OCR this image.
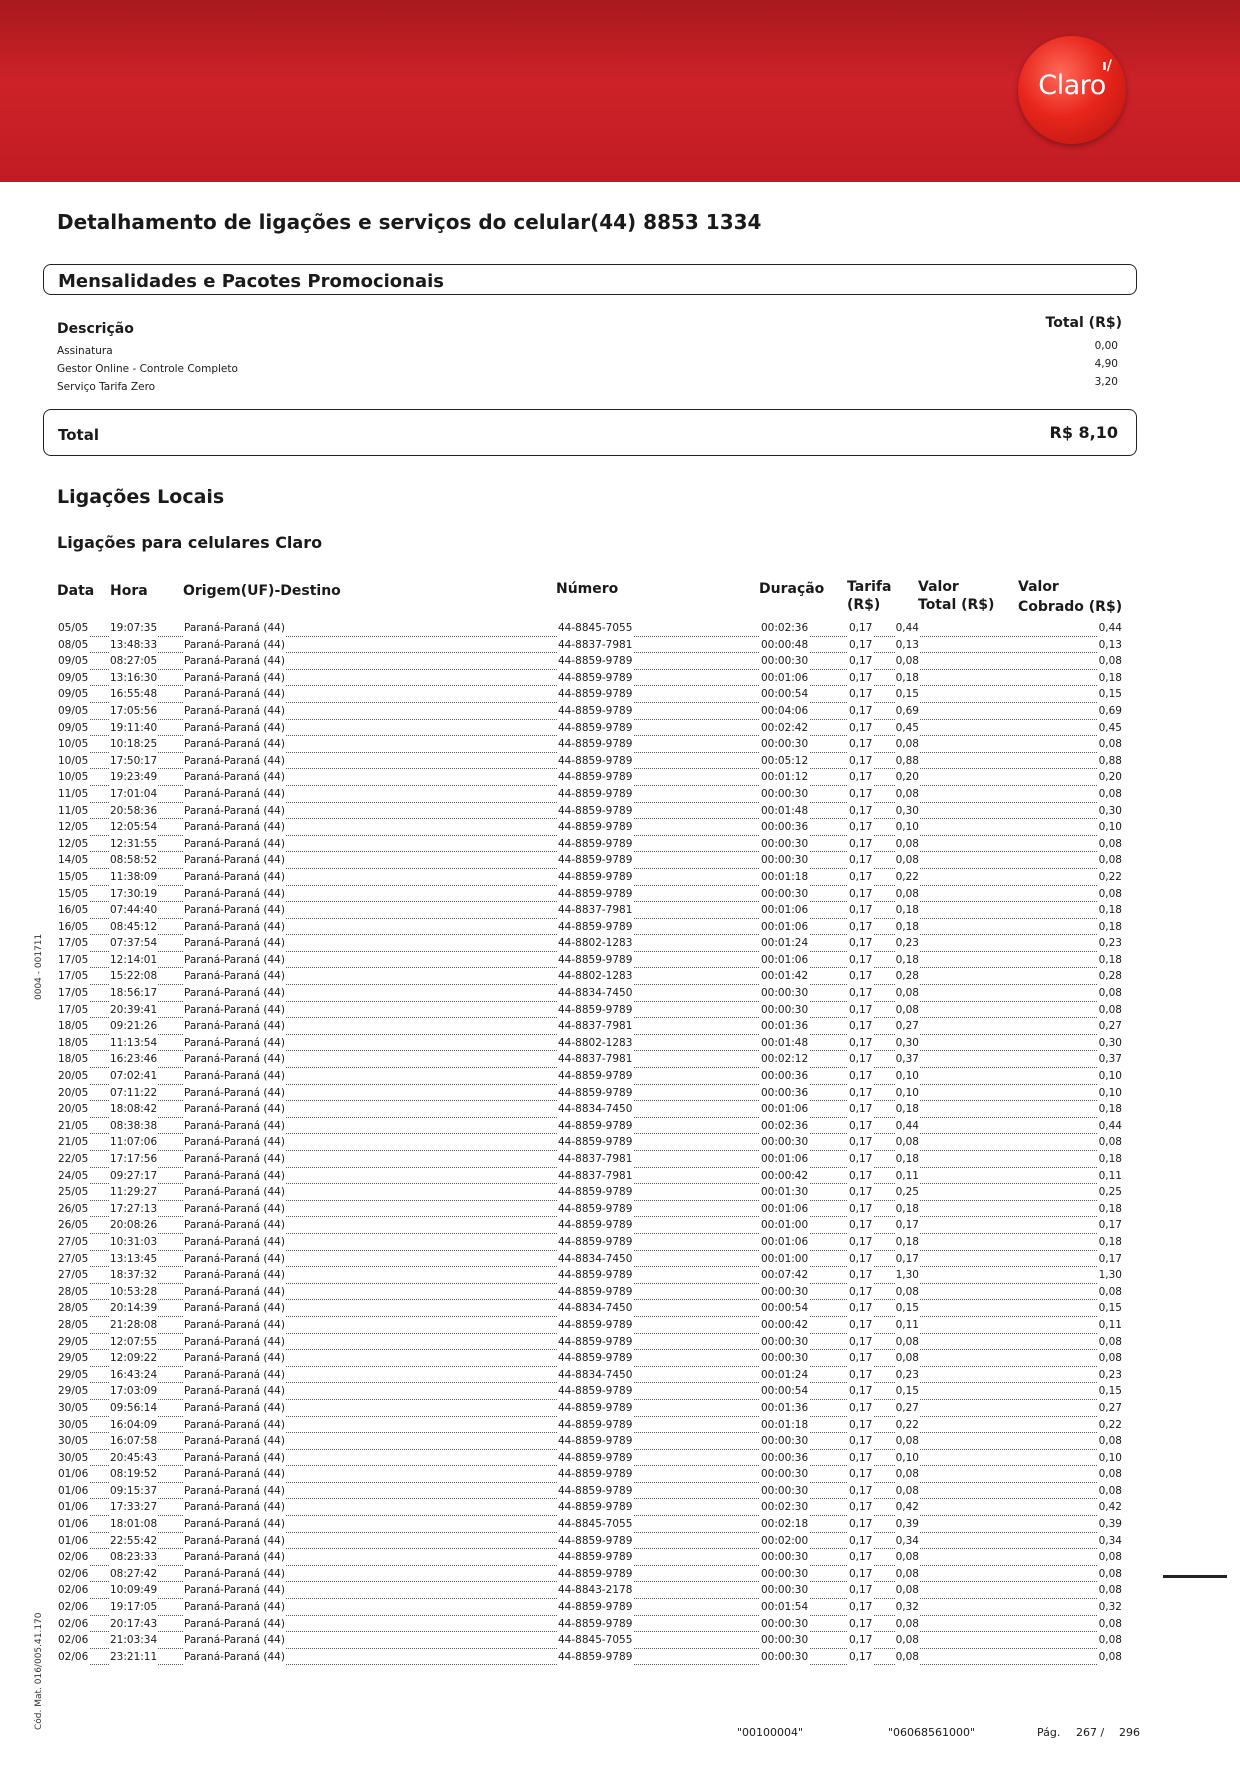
Claro
ı/
Detalhamento de ligações e serviços do celular(44) 8853 1334
Mensalidades e Pacotes Promocionais
Descrição	Total (R$)
Assinatura	0,00
Gestor Online - Controle Completo	4,90
Serviço Tarifa Zero	3,20
Total	R$ 8,10
Ligações Locais
Ligações para celulares Claro
Data Hora	Origem(UF)-Destino	Número	Duração Tarifa
(R$)
Valor
Total (R$)
Valor
Cobrado (R$)
05/05 19:07:35	Paraná-Paraná (44)	44-8845-7055	00:02:36	0,17 0,44	0,44
08/05 13:48:33	Paraná-Paraná (44)	44-8837-7981	00:00:48	0,17 0,13	0,13
09/05 08:27:05	Paraná-Paraná (44)	44-8859-9789	00:00:30	0,17 0,08	0,08
09/05 13:16:30	Paraná-Paraná (44)	44-8859-9789	00:01:06	0,17 0,18	0,18
09/05 16:55:48	Paraná-Paraná (44)	44-8859-9789	00:00:54	0,17 0,15	0,15
09/05 17:05:56	Paraná-Paraná (44)	44-8859-9789	00:04:06	0,17 0,69	0,69
09/05 19:11:40	Paraná-Paraná (44)	44-8859-9789	00:02:42	0,17 0,45	0,45
10/05 10:18:25	Paraná-Paraná (44)	44-8859-9789	00:00:30	0,17 0,08	0,08
10/05 17:50:17	Paraná-Paraná (44)	44-8859-9789	00:05:12	0,17 0,88	0,88
10/05 19:23:49	Paraná-Paraná (44)	44-8859-9789	00:01:12	0,17 0,20	0,20
11/05 17:01:04	Paraná-Paraná (44)	44-8859-9789	00:00:30	0,17 0,08	0,08
11/05 20:58:36	Paraná-Paraná (44)	44-8859-9789	00:01:48	0,17 0,30	0,30
12/05 12:05:54	Paraná-Paraná (44)	44-8859-9789	00:00:36	0,17 0,10	0,10
12/05 12:31:55	Paraná-Paraná (44)	44-8859-9789	00:00:30	0,17 0,08	0,08
14/05 08:58:52	Paraná-Paraná (44)	44-8859-9789	00:00:30	0,17 0,08	0,08
15/05 11:38:09	Paraná-Paraná (44)	44-8859-9789	00:01:18	0,17 0,22	0,22
15/05 17:30:19	Paraná-Paraná (44)	44-8859-9789	00:00:30	0,17 0,08	0,08
16/05 07:44:40	Paraná-Paraná (44)	44-8837-7981	00:01:06	0,17 0,18	0,18
16/05 08:45:12	Paraná-Paraná (44)	44-8859-9789	00:01:06	0,17 0,18	0,18
17/05 07:37:54	Paraná-Paraná (44)	44-8802-1283	00:01:24	0,17 0,23	0,23
17/05 12:14:01	Paraná-Paraná (44)	44-8859-9789	00:01:06	0,17 0,18	0,18
17/05 15:22:08	Paraná-Paraná (44)	44-8802-1283	00:01:42	0,17 0,28	0,28
17/05 18:56:17	Paraná-Paraná (44)	44-8834-7450	00:00:30	0,17 0,08	0,08
17/05 20:39:41	Paraná-Paraná (44)	44-8859-9789	00:00:30	0,17 0,08	0,08
18/05 09:21:26	Paraná-Paraná (44)	44-8837-7981	00:01:36	0,17 0,27	0,27
18/05 11:13:54	Paraná-Paraná (44)	44-8802-1283	00:01:48	0,17 0,30	0,30
18/05 16:23:46	Paraná-Paraná (44)	44-8837-7981	00:02:12	0,17 0,37	0,37
20/05 07:02:41	Paraná-Paraná (44)	44-8859-9789	00:00:36	0,17 0,10	0,10
20/05 07:11:22	Paraná-Paraná (44)	44-8859-9789	00:00:36	0,17 0,10	0,10
20/05 18:08:42	Paraná-Paraná (44)	44-8834-7450	00:01:06	0,17 0,18	0,18
21/05 08:38:38	Paraná-Paraná (44)	44-8859-9789	00:02:36	0,17 0,44	0,44
21/05 11:07:06	Paraná-Paraná (44)	44-8859-9789	00:00:30	0,17 0,08	0,08
22/05 17:17:56	Paraná-Paraná (44)	44-8837-7981	00:01:06	0,17 0,18	0,18
24/05 09:27:17	Paraná-Paraná (44)	44-8837-7981	00:00:42	0,17 0,11	0,11
25/05 11:29:27	Paraná-Paraná (44)	44-8859-9789	00:01:30	0,17 0,25	0,25
26/05 17:27:13	Paraná-Paraná (44)	44-8859-9789	00:01:06	0,17 0,18	0,18
26/05 20:08:26	Paraná-Paraná (44)	44-8859-9789	00:01:00	0,17 0,17	0,17
27/05 10:31:03	Paraná-Paraná (44)	44-8859-9789	00:01:06	0,17 0,18	0,18
27/05 13:13:45	Paraná-Paraná (44)	44-8834-7450	00:01:00	0,17 0,17	0,17
27/05 18:37:32	Paraná-Paraná (44)	44-8859-9789	00:07:42	0,17 1,30	1,30
28/05 10:53:28	Paraná-Paraná (44)	44-8859-9789	00:00:30	0,17 0,08	0,08
28/05 20:14:39	Paraná-Paraná (44)	44-8834-7450	00:00:54	0,17 0,15	0,15
28/05 21:28:08	Paraná-Paraná (44)	44-8859-9789	00:00:42	0,17 0,11	0,11
29/05 12:07:55	Paraná-Paraná (44)	44-8859-9789	00:00:30	0,17 0,08	0,08
29/05 12:09:22	Paraná-Paraná (44)	44-8859-9789	00:00:30	0,17 0,08	0,08
29/05 16:43:24	Paraná-Paraná (44)	44-8834-7450	00:01:24	0,17 0,23	0,23
29/05 17:03:09	Paraná-Paraná (44)	44-8859-9789	00:00:54	0,17 0,15	0,15
30/05 09:56:14	Paraná-Paraná (44)	44-8859-9789	00:01:36	0,17 0,27	0,27
30/05 16:04:09	Paraná-Paraná (44)	44-8859-9789	00:01:18	0,17 0,22	0,22
30/05 16:07:58	Paraná-Paraná (44)	44-8859-9789	00:00:30	0,17 0,08	0,08
30/05 20:45:43	Paraná-Paraná (44)	44-8859-9789	00:00:36	0,17 0,10	0,10
01/06 08:19:52	Paraná-Paraná (44)	44-8859-9789	00:00:30	0,17 0,08	0,08
01/06 09:15:37	Paraná-Paraná (44)	44-8859-9789	00:00:30	0,17 0,08	0,08
01/06 17:33:27	Paraná-Paraná (44)	44-8859-9789	00:02:30	0,17 0,42	0,42
01/06 18:01:08	Paraná-Paraná (44)	44-8845-7055	00:02:18	0,17 0,39	0,39
01/06 22:55:42	Paraná-Paraná (44)	44-8859-9789	00:02:00	0,17 0,34	0,34
02/06 08:23:33	Paraná-Paraná (44)	44-8859-9789	00:00:30	0,17 0,08	0,08
02/06 08:27:42	Paraná-Paraná (44)	44-8859-9789	00:00:30	0,17 0,08	0,08
02/06 10:09:49	Paraná-Paraná (44)	44-8843-2178	00:00:30	0,17 0,08	0,08
02/06 19:17:05	Paraná-Paraná (44)	44-8859-9789	00:01:54	0,17 0,32	0,32
02/06 20:17:43	Paraná-Paraná (44)	44-8859-9789	00:00:30	0,17 0,08	0,08
02/06 21:03:34	Paraná-Paraná (44)	44-8845-7055	00:00:30	0,17 0,08	0,08
02/06 23:21:11	Paraná-Paraná (44)	44-8859-9789	00:00:30	0,17 0,08	0,08
"00100004"	"06068561000"	Pág. 267 / 296
0004 - 001711
Cód. Mat. 016/005.41.170
